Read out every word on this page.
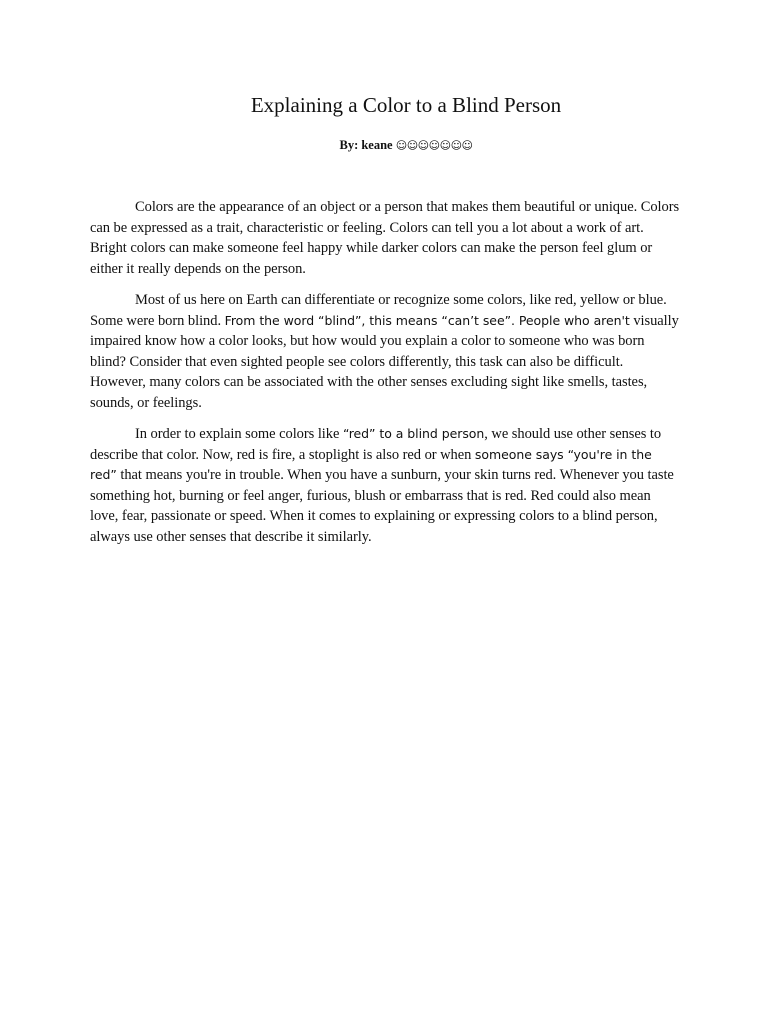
Explaining a Color to a Blind Person
By: keane ☺☺☺☺☺☺☺

Colors are the appearance of an object or a person that makes them beautiful or unique. Colors can be expressed as a trait, characteristic or feeling. Colors can tell you a lot about a work of art. Bright colors can make someone feel happy while darker colors can make the person feel glum or either it really depends on the person.

Most of us here on Earth can differentiate or recognize some colors, like red, yellow or blue. Some were born blind. From the word “blind”, this means “can’t see”. People who aren't visually impaired know how a color looks, but how would you explain a color to someone who was born blind? Consider that even sighted people see colors differently, this task can also be difficult. However, many colors can be associated with the other senses excluding sight like smells, tastes, sounds, or feelings.

In order to explain some colors like “red” to a blind person, we should use other senses to describe that color. Now, red is fire, a stoplight is also red or when someone says “you're in the red” that means you're in trouble. When you have a sunburn, your skin turns red. Whenever you taste something hot, burning or feel anger, furious, blush or embarrass that is red. Red could also mean love, fear, passionate or speed. When it comes to explaining or expressing colors to a blind person, always use other senses that describe it similarly.
